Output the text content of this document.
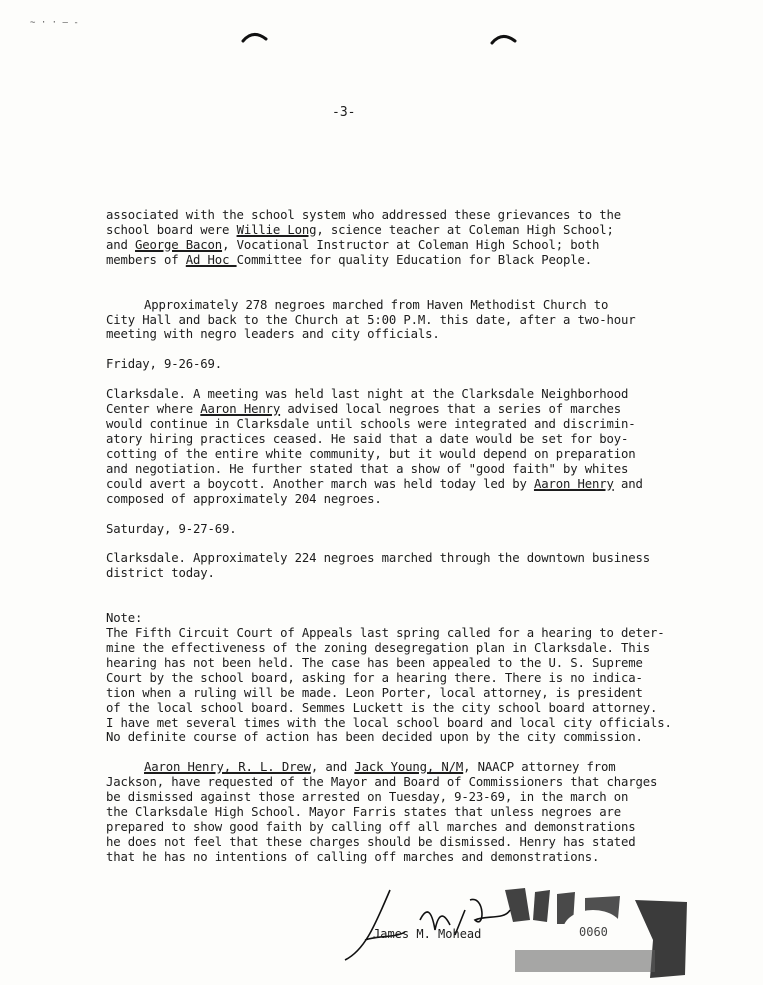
~ · · – -
-3-

associated with the school system who addressed these grievances to the
school board were Willie Long, science teacher at Coleman High School;
and George Bacon, Vocational Instructor at Coleman High School; both
members of Ad Hoc Committee for quality Education for Black People.

Approximately 278 negroes marched from Haven Methodist Church to

City Hall and back to the Church at 5:00 P.M. this date, after a two-hour
meeting with negro leaders and city officials.

Friday, 9-26-69.

Clarksdale. A meeting was held last night at the Clarksdale Neighborhood
Center where Aaron Henry advised local negroes that a series of marches
would continue in Clarksdale until schools were integrated and discrimin-
atory hiring practices ceased. He said that a date would be set for boy-
cotting of the entire white community, but it would depend on preparation
and negotiation. He further stated that a show of "good faith" by whites
could avert a boycott. Another march was held today led by Aaron Henry and
composed of approximately 204 negroes.

Saturday, 9-27-69.

Clarksdale. Approximately 224 negroes marched through the downtown business
district today.

Note:
The Fifth Circuit Court of Appeals last spring called for a hearing to deter-
mine the effectiveness of the zoning desegregation plan in Clarksdale. This
hearing has not been held. The case has been appealed to the U. S. Supreme
Court by the school board, asking for a hearing there. There is no indica-
tion when a ruling will be made. Leon Porter, local attorney, is president
of the local school board. Semmes Luckett is the city school board attorney.
I have met several times with the local school board and local city officials.
No definite course of action has been decided upon by the city commission.

Aaron Henry, R. L. Drew, and Jack Young, N/M, NAACP attorney from
Jackson, have requested of the Mayor and Board of Commissioners that charges
be dismissed against those arrested on Tuesday, 9-23-69, in the march on
the Clarksdale High School. Mayor Farris states that unless negroes are
prepared to show good faith by calling off all marches and demonstrations
he does not feel that these charges should be dismissed. Henry has stated
that he has no intentions of calling off marches and demonstrations.

0060
James M. Mohead
